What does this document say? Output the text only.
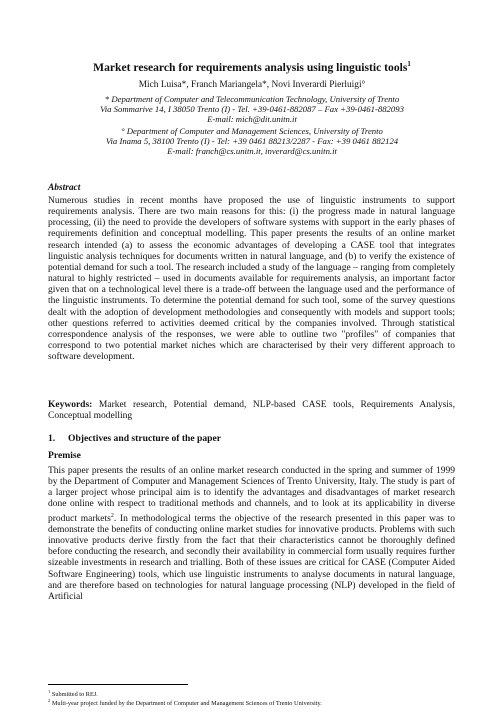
Market research for requirements analysis using linguistic tools$^1$
Mich Luisa*, Franch Mariangela*, Novi Inverardi Pierluigi°
* Department of Computer and Telecommunication Technology, University of Trento
Via Sommarive 14, I 38050 Trento (I) - Tel. +39-0461-882087 – Fax +39-0461-882093
E-mail: mich@dit.unitn.it
° Department of Computer and Management Sciences, University of Trento
Via Inama 5, 38100 Trento (I) - Tel: +39 0461 88213/2287 - Fax: +39 0461 882124
E-mail: franch@cs.unitn.it, inverard@cs.unitn.it
Abstract
Numerous studies in recent months have proposed the use of linguistic instruments to support requirements analysis. There are two main reasons for this: (i) the progress made in natural language processing, (ii) the need to provide the developers of software systems with support in the early phases of requirements definition and conceptual modelling. This paper presents the results of an online market research intended (a) to assess the economic advantages of developing a CASE tool that integrates linguistic analysis techniques for documents written in natural language, and (b) to verify the existence of potential demand for such a tool. The research included a study of the language – ranging from completely natural to highly restricted – used in documents available for requirements analysis, an important factor given that on a technological level there is a trade-off between the language used and the performance of the linguistic instruments. To determine the potential demand for such tool, some of the survey questions dealt with the adoption of development methodologies and consequently with models and support tools; other questions referred to activities deemed critical by the companies involved. Through statistical correspondence analysis of the responses, we were able to outline two "profiles" of companies that correspond to two potential market niches which are characterised by their very different approach to software development.
Keywords: Market research, Potential demand, NLP-based CASE tools, Requirements Analysis, Conceptual modelling
1. Objectives and structure of the paper
Premise
This paper presents the results of an online market research conducted in the spring and summer of 1999 by the Department of Computer and Management Sciences of Trento University, Italy. The study is part of a larger project whose principal aim is to identify the advantages and disadvantages of market research done online with respect to traditional methods and channels, and to look at its applicability in diverse product markets$^2$. In methodological terms the objective of the research presented in this paper was to demonstrate the benefits of conducting online market studies for innovative products. Problems with such innovative products derive firstly from the fact that their characteristics cannot be thoroughly defined before conducting the research, and secondly their availability in commercial form usually requires further sizeable investments in research and trialling. Both of these issues are critical for CASE (Computer Aided Software Engineering) tools, which use linguistic instruments to analyse documents in natural language, and are therefore based on technologies for natural language processing (NLP) developed in the field of Artificial
$^1$ Submitted to REJ.
$^2$ Multi-year project funded by the Department of Computer and Management Sciences of Trento University.
